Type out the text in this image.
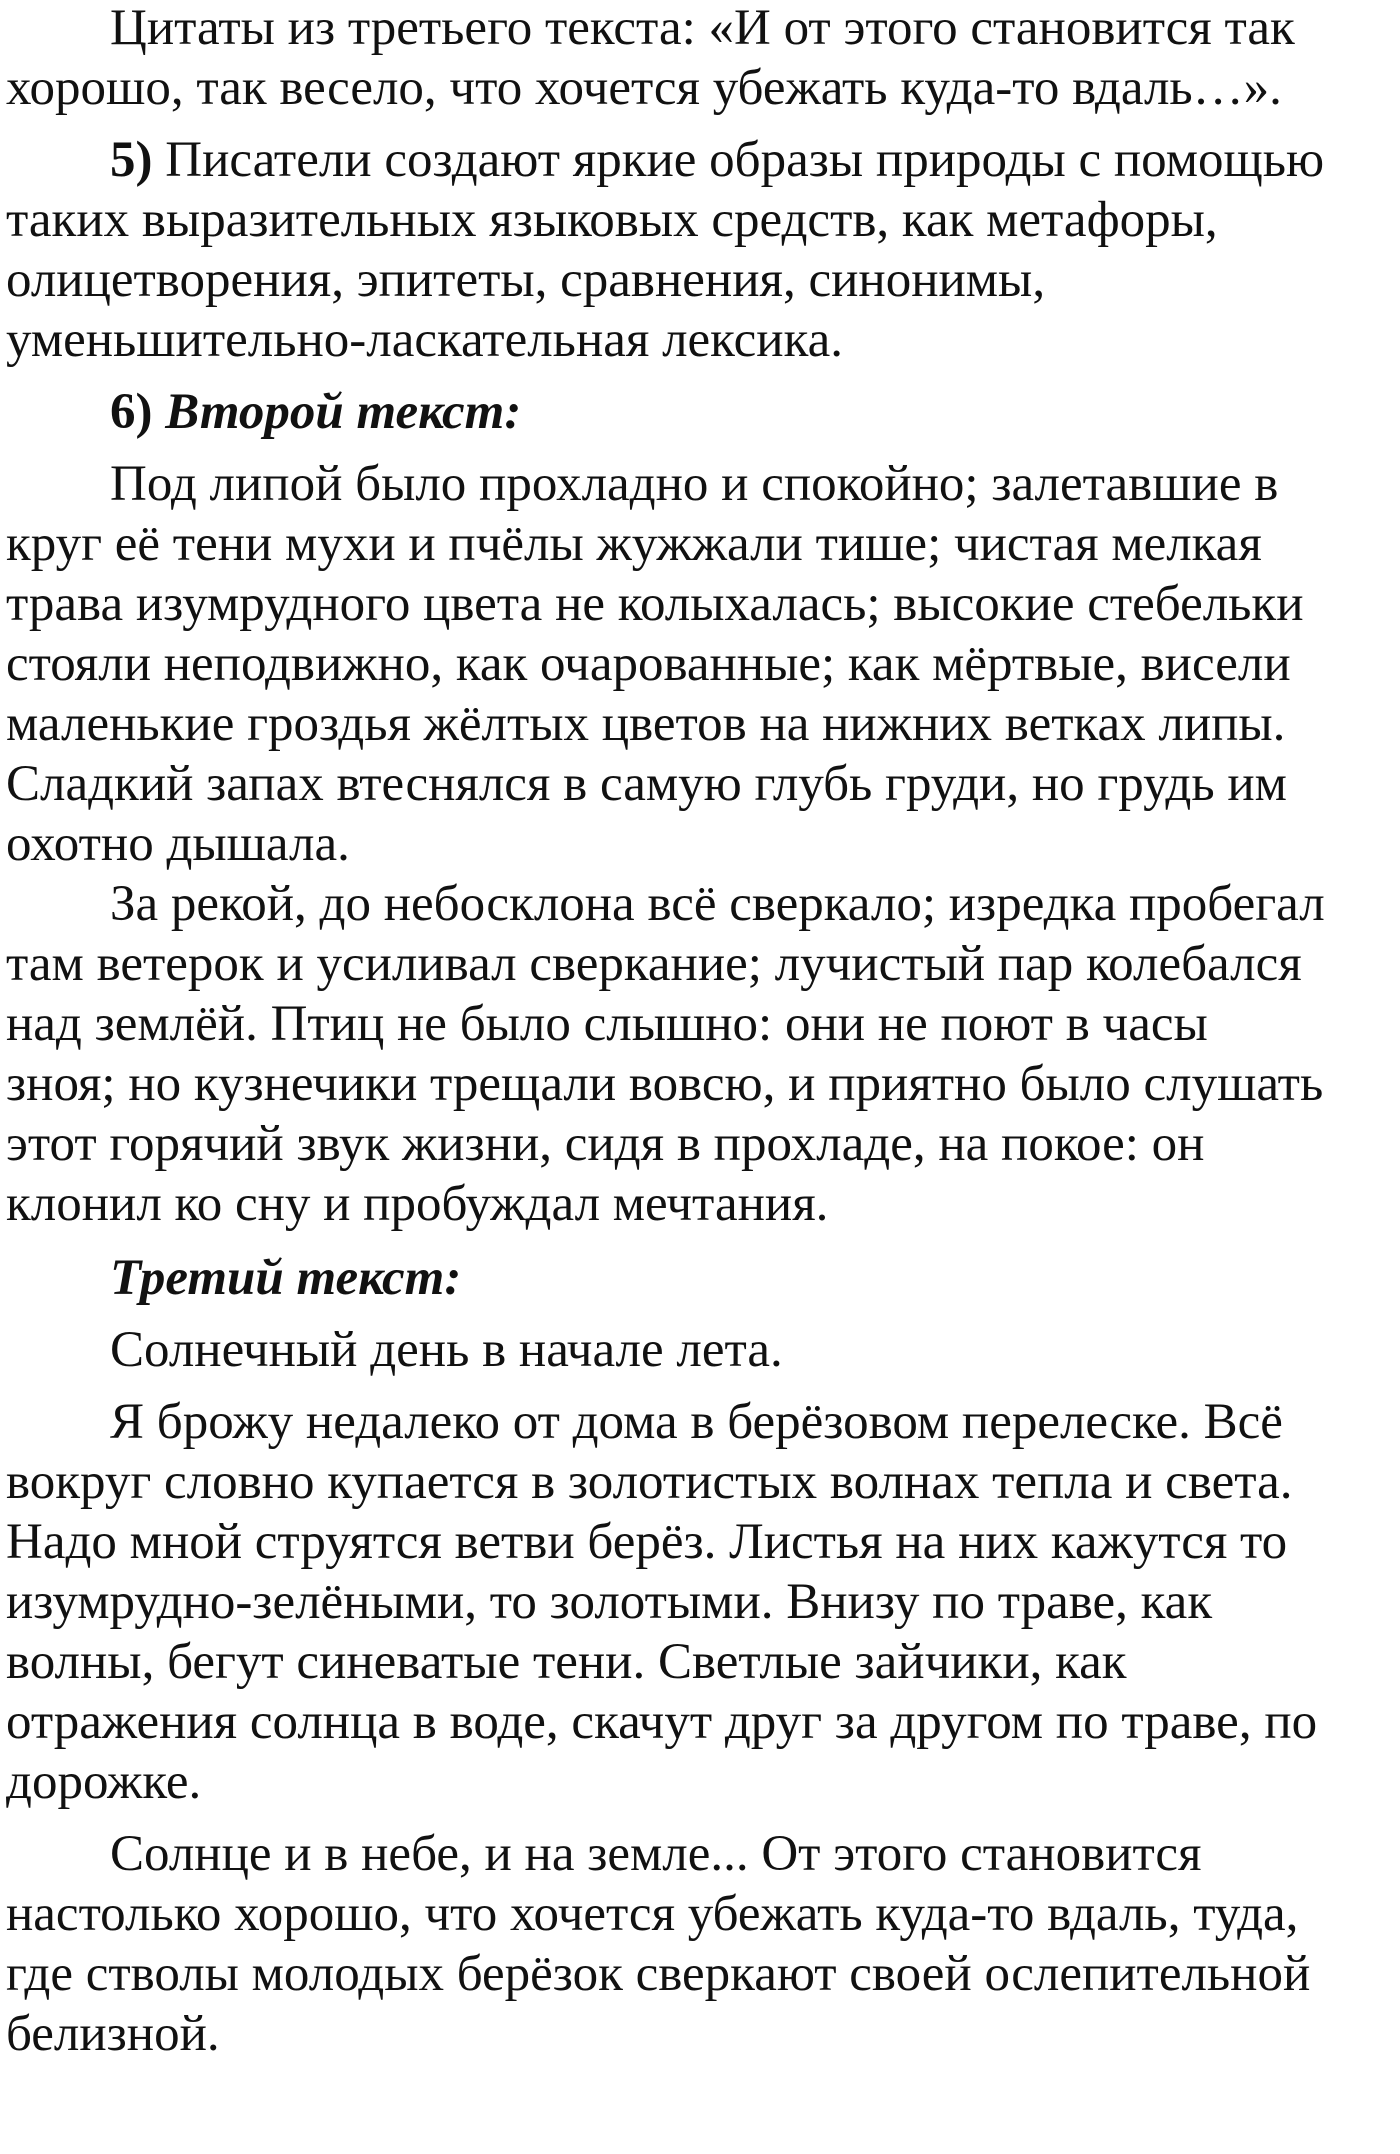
Цитаты из третьего текста: «И от этого становится так
хорошо, так весело, что хочется убежать куда-то вдаль…».

5) Писатели создают яркие образы природы с помощью
таких выразительных языковых средств, как метафоры,
олицетворения, эпитеты, сравнения, синонимы,
уменьшительно-ласкательная лексика.

6) Второй текст:

Под липой было прохладно и спокойно; залетавшие в
круг её тени мухи и пчёлы жужжали тише; чистая мелкая
трава изумрудного цвета не колыхалась; высокие стебельки
стояли неподвижно, как очарованные; как мёртвые, висели
маленькие гроздья жёлтых цветов на нижних ветках липы.
Сладкий запах втеснялся в самую глубь груди, но грудь им
охотно дышала.

За рекой, до небосклона всё сверкало; изредка пробегал
там ветерок и усиливал сверкание; лучистый пар колебался
над землёй. Птиц не было слышно: они не поют в часы
зноя; но кузнечики трещали вовсю, и приятно было слушать
этот горячий звук жизни, сидя в прохладе, на покое: он
клонил ко сну и пробуждал мечтания.

Третий текст:

Солнечный день в начале лета.

Я брожу недалеко от дома в берёзовом перелеске. Всё
вокруг словно купается в золотистых волнах тепла и света.
Надо мной струятся ветви берёз. Листья на них кажутся то
изумрудно-зелёными, то золотыми. Внизу по траве, как
волны, бегут синеватые тени. Светлые зайчики, как
отражения солнца в воде, скачут друг за другом по траве, по
дорожке.

Солнце и в небе, и на земле... От этого становится
настолько хорошо, что хочется убежать куда-то вдаль, туда,
где стволы молодых берёзок сверкают своей ослепительной
белизной.
